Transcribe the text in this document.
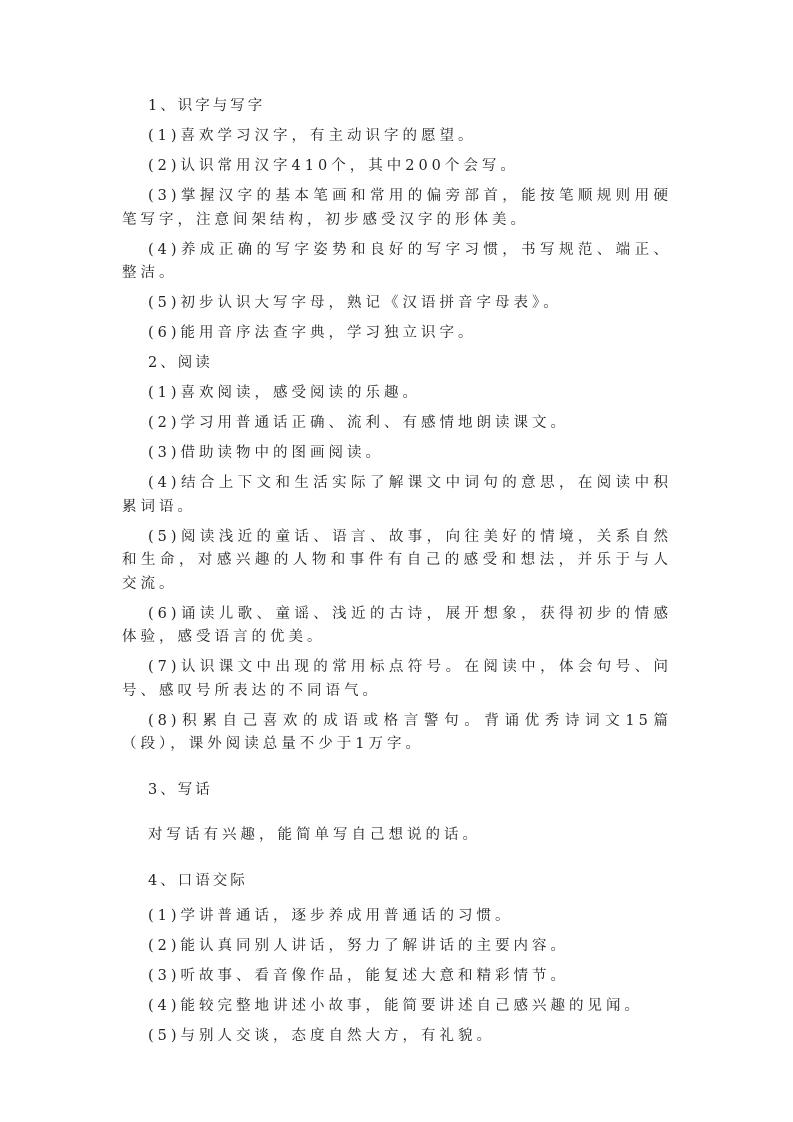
1、识字与写字
(1)喜欢学习汉字，有主动识字的愿望。
(2)认识常用汉字410个，其中200个会写。
(3)掌握汉字的基本笔画和常用的偏旁部首，能按笔顺规则用硬笔写字，注意间架结构，初步感受汉字的形体美。
(4)养成正确的写字姿势和良好的写字习惯，书写规范、端正、整洁。
(5)初步认识大写字母，熟记《汉语拼音字母表》。
(6)能用音序法查字典，学习独立识字。
2、阅读
(1)喜欢阅读，感受阅读的乐趣。
(2)学习用普通话正确、流利、有感情地朗读课文。
(3)借助读物中的图画阅读。
(4)结合上下文和生活实际了解课文中词句的意思，在阅读中积累词语。
(5)阅读浅近的童话、语言、故事，向往美好的情境，关系自然和生命，对感兴趣的人物和事件有自己的感受和想法，并乐于与人交流。
(6)诵读儿歌、童谣、浅近的古诗，展开想象，获得初步的情感体验，感受语言的优美。
(7)认识课文中出现的常用标点符号。在阅读中，体会句号、问号、感叹号所表达的不同语气。
(8)积累自己喜欢的成语或格言警句。背诵优秀诗词文15篇（段），课外阅读总量不少于1万字。
3、写话
对写话有兴趣，能简单写自己想说的话。
4、口语交际
(1)学讲普通话，逐步养成用普通话的习惯。
(2)能认真同别人讲话，努力了解讲话的主要内容。
(3)听故事、看音像作品，能复述大意和精彩情节。
(4)能较完整地讲述小故事，能简要讲述自己感兴趣的见闻。
(5)与别人交谈，态度自然大方，有礼貌。
